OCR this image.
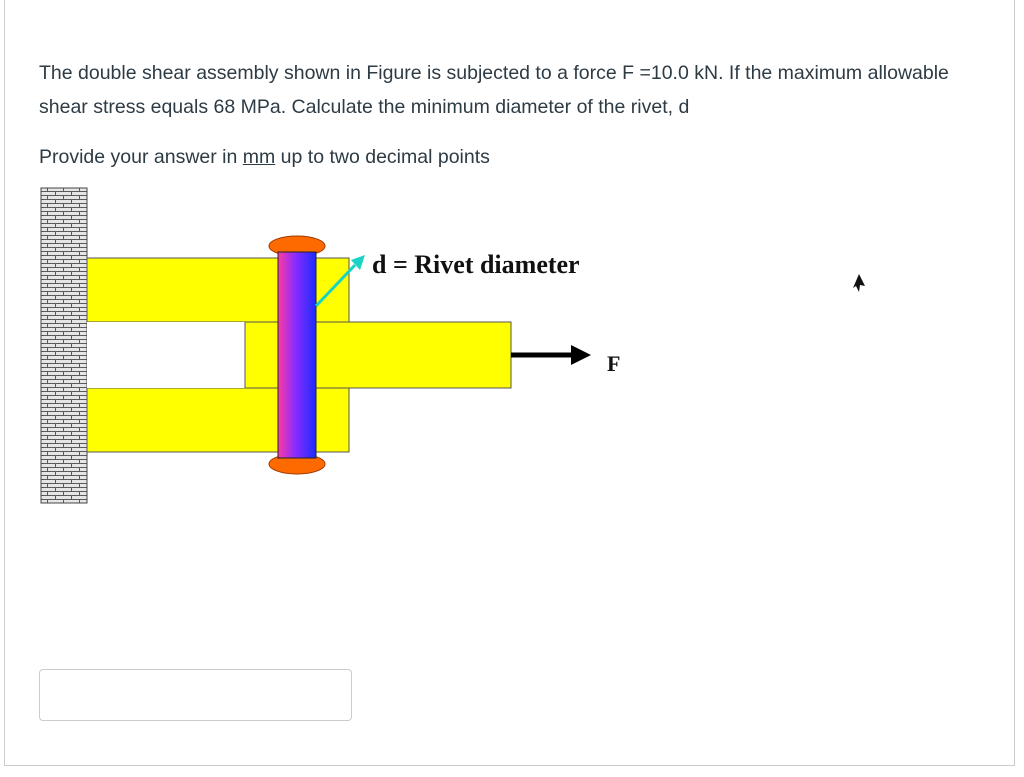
The double shear assembly shown in Figure is subjected to a force F =10.0 kN. If the maximum allowable shear stress equals 68 MPa. Calculate the minimum diameter of the rivet, d

Provide your answer in mm up to two decimal points

d = Rivet diameter
F
